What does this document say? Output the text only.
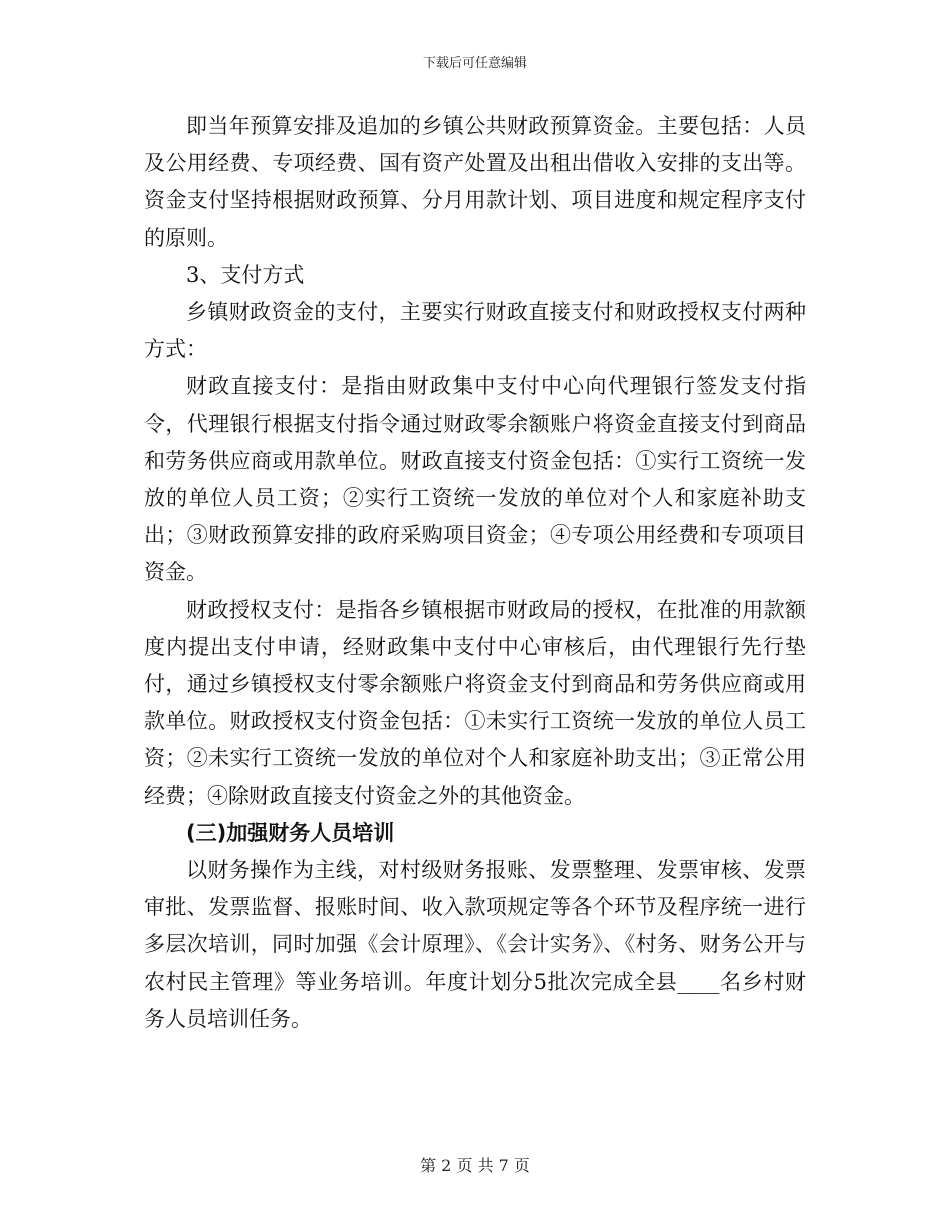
下载后可任意编辑

即当年预算安排及追加的乡镇公共财政预算资金。主要包括：人员及公用经费、专项经费、国有资产处置及出租出借收入安排的支出等。资金支付坚持根据财政预算、分月用款计划、项目进度和规定程序支付的原则。

3、支付方式

乡镇财政资金的支付，主要实行财政直接支付和财政授权支付两种方式：

财政直接支付：是指由财政集中支付中心向代理银行签发支付指令，代理银行根据支付指令通过财政零余额账户将资金直接支付到商品和劳务供应商或用款单位。财政直接支付资金包括：①实行工资统一发放的单位人员工资；②实行工资统一发放的单位对个人和家庭补助支出；③财政预算安排的政府采购项目资金；④专项公用经费和专项项目资金。

财政授权支付：是指各乡镇根据市财政局的授权，在批准的用款额度内提出支付申请，经财政集中支付中心审核后，由代理银行先行垫付，通过乡镇授权支付零余额账户将资金支付到商品和劳务供应商或用款单位。财政授权支付资金包括：①未实行工资统一发放的单位人员工资；②未实行工资统一发放的单位对个人和家庭补助支出；③正常公用经费；④除财政直接支付资金之外的其他资金。

(三)加强财务人员培训

以财务操作为主线，对村级财务报账、发票整理、发票审核、发票审批、发票监督、报账时间、收入款项规定等各个环节及程序统一进行多层次培训，同时加强《会计原理》、《会计实务》、《村务、财务公开与农村民主管理》等业务培训。年度计划分5批次完成全县____名乡村财务人员培训任务。

第 2 页 共 7 页
